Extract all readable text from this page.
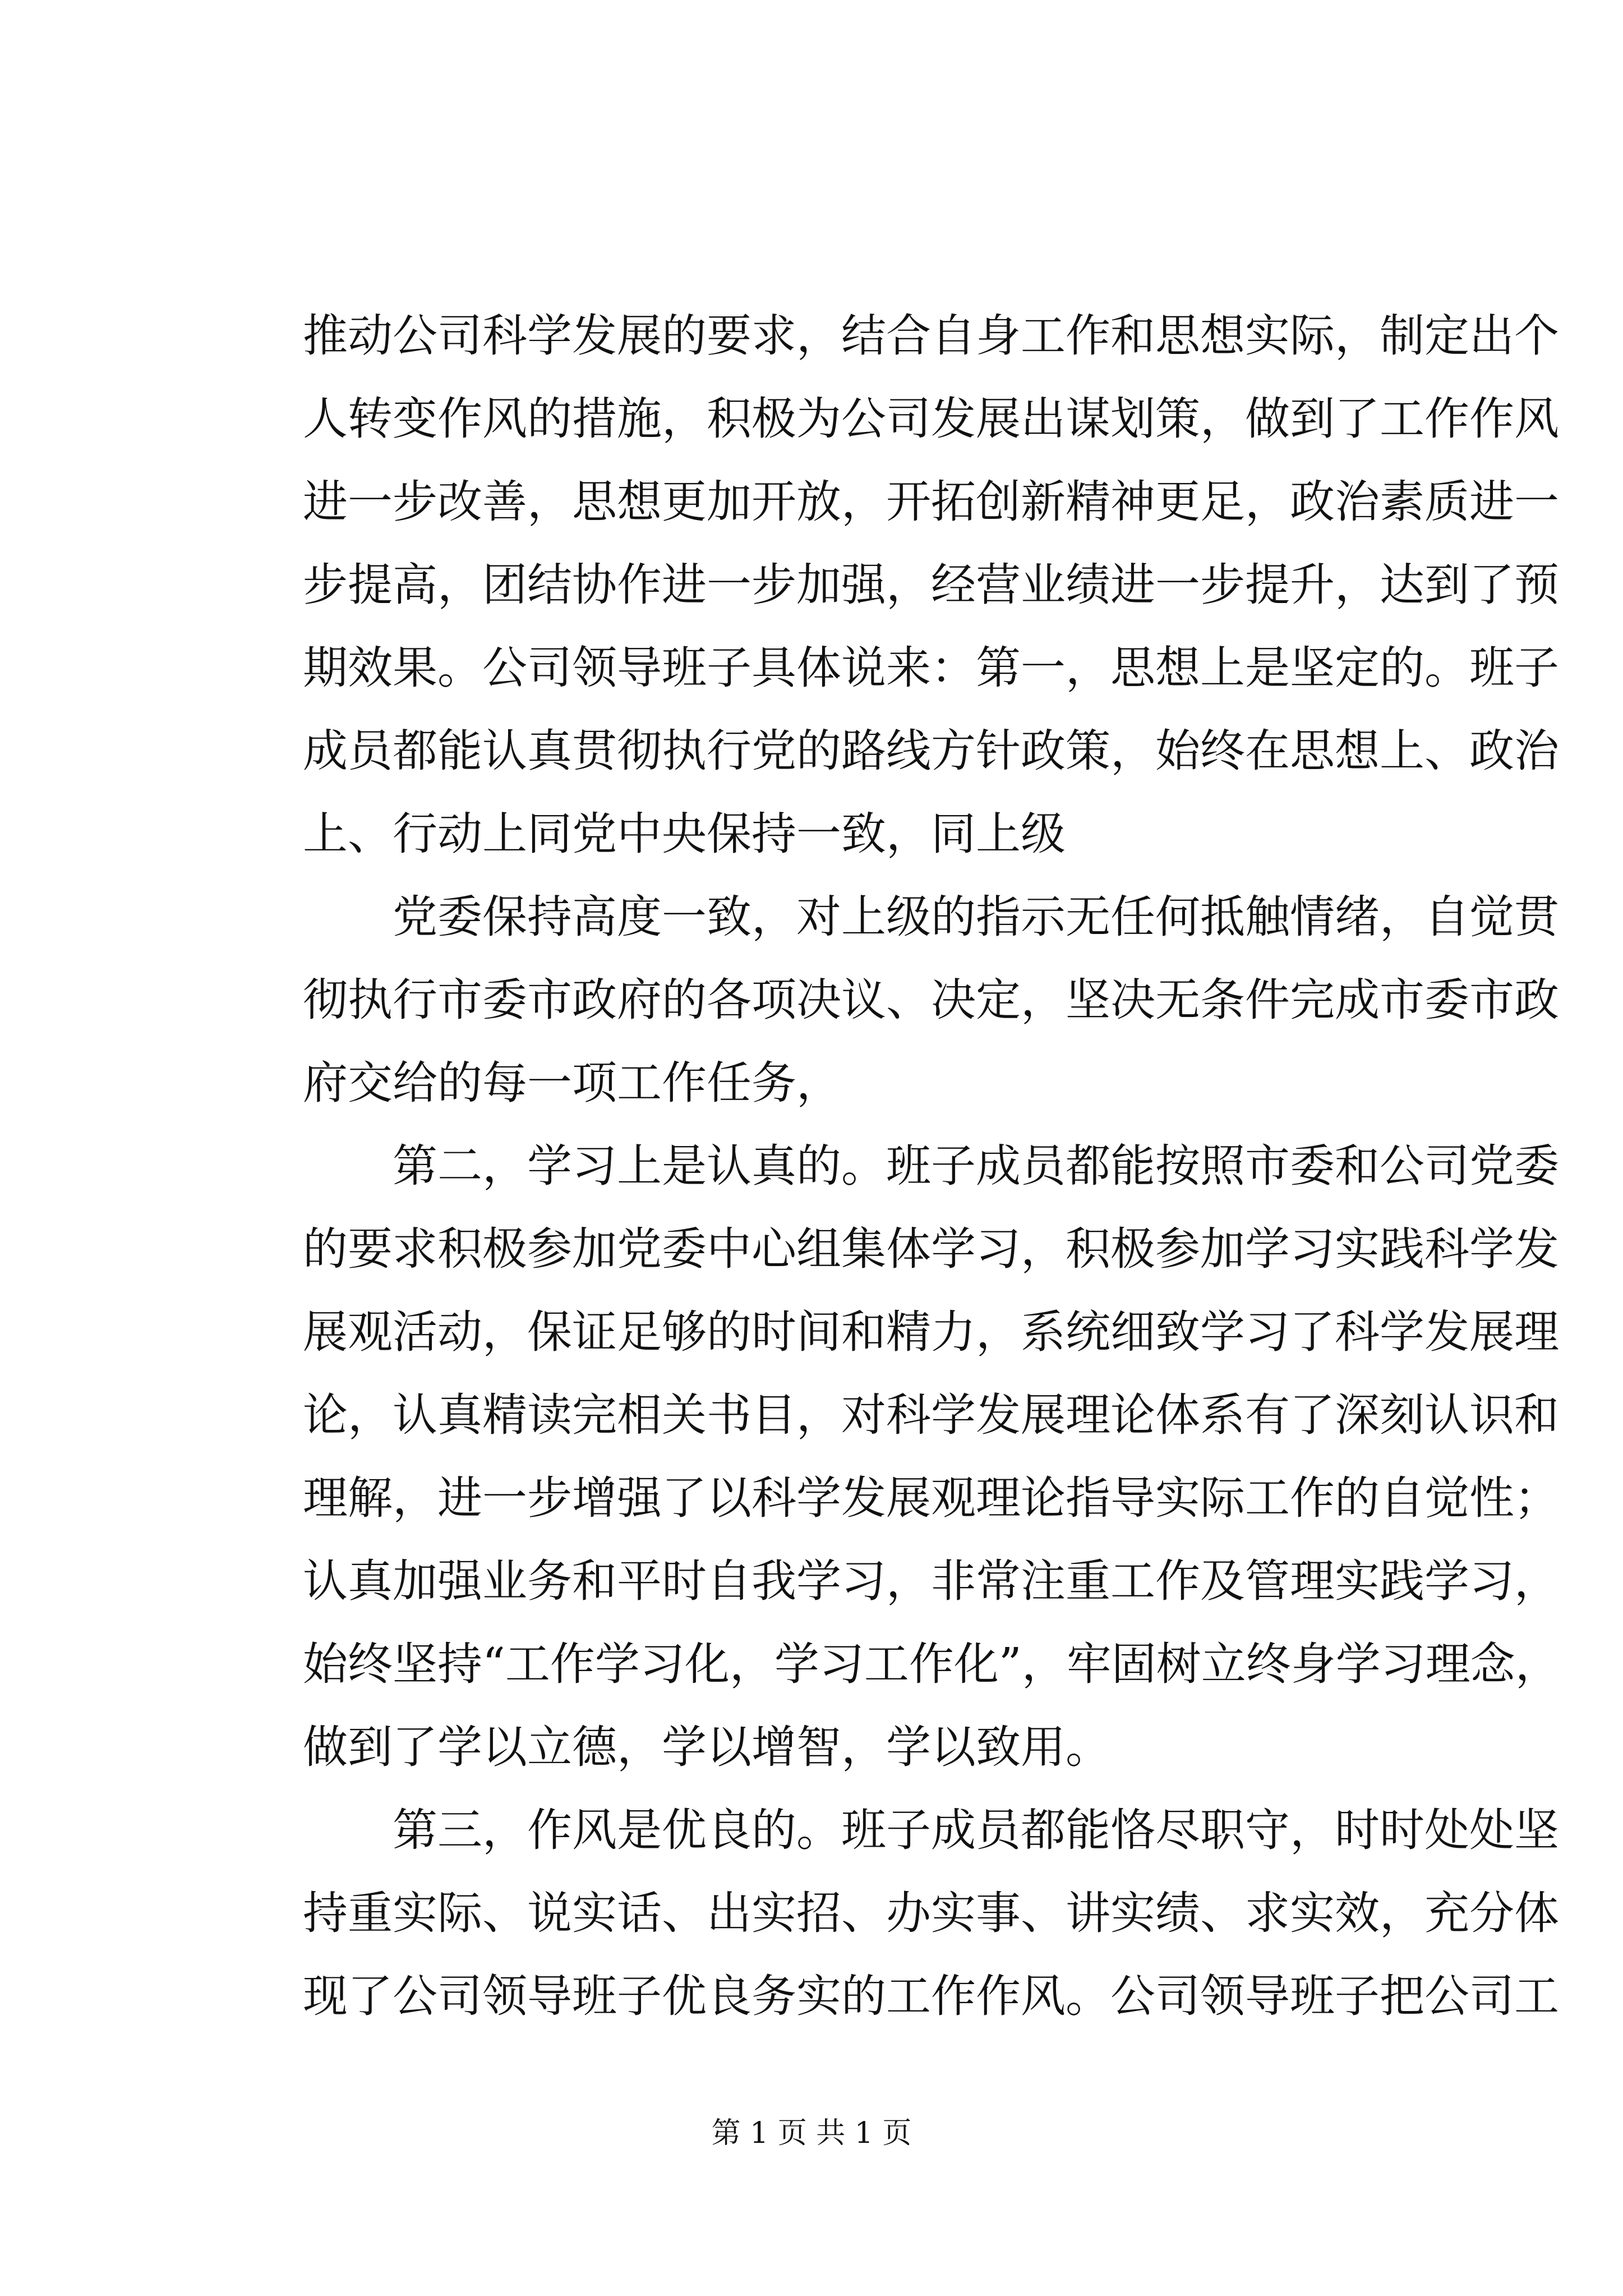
推动公司科学发展的要求，结合自身工作和思想实际，制定出个
人转变作风的措施，积极为公司发展出谋划策，做到了工作作风
进一步改善，思想更加开放，开拓创新精神更足，政治素质进一
步提高，团结协作进一步加强，经营业绩进一步提升，达到了预
期效果。公司领导班子具体说来：第一，思想上是坚定的。班子
成员都能认真贯彻执行党的路线方针政策，始终在思想上、政治
上、行动上同党中央保持一致，同上级

党委保持高度一致，对上级的指示无任何抵触情绪，自觉贯
彻执行市委市政府的各项决议、决定，坚决无条件完成市委市政
府交给的每一项工作任务，

第二，学习上是认真的。班子成员都能按照市委和公司党委
的要求积极参加党委中心组集体学习，积极参加学习实践科学发
展观活动，保证足够的时间和精力，系统细致学习了科学发展理
论，认真精读完相关书目，对科学发展理论体系有了深刻认识和
理解，进一步增强了以科学发展观理论指导实际工作的自觉性；
认真加强业务和平时自我学习，非常注重工作及管理实践学习，
始终坚持“工作学习化，学习工作化”，牢固树立终身学习理念，
做到了学以立德，学以增智，学以致用。

第三，作风是优良的。班子成员都能恪尽职守，时时处处坚
持重实际、说实话、出实招、办实事、讲实绩、求实效，充分体
现了公司领导班子优良务实的工作作风。公司领导班子把公司工

第 1 页 共 1 页
